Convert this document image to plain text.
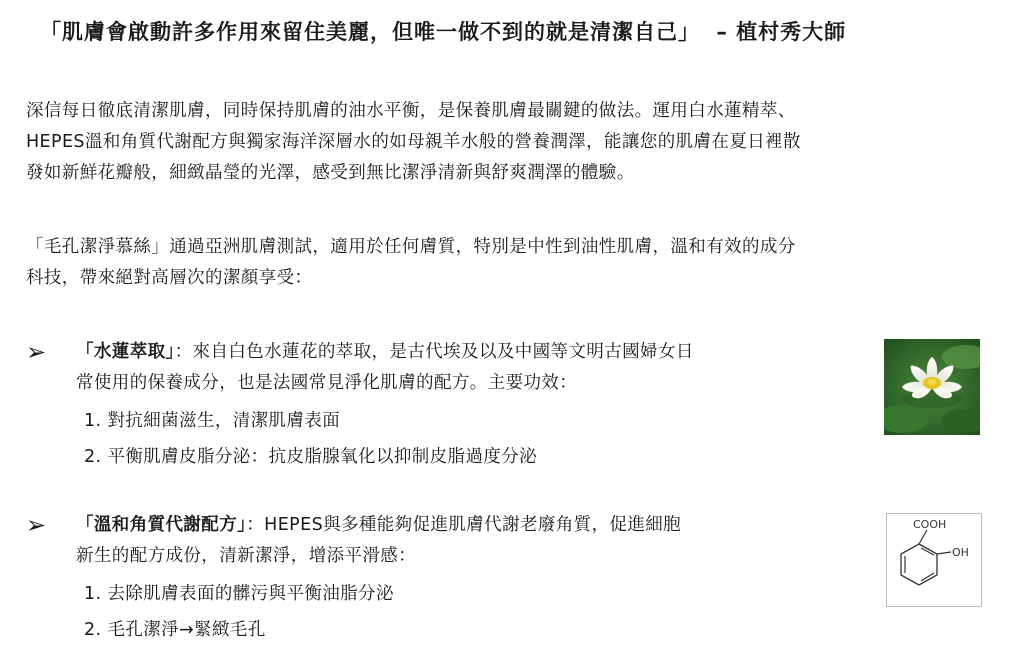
「肌膚會啟動許多作用來留住美麗，但唯一做不到的就是清潔自己」 – 植村秀大師
深信每日徹底清潔肌膚，同時保持肌膚的油水平衡，是保養肌膚最關鍵的做法。運用白水蓮精萃、
HEPES溫和角質代謝配方與獨家海洋深層水的如母親羊水般的營養潤澤，能讓您的肌膚在夏日裡散
發如新鮮花瓣般，細緻晶瑩的光澤，感受到無比潔淨清新與舒爽潤澤的體驗。
「毛孔潔淨慕絲」通過亞洲肌膚測試，適用於任何膚質，特別是中性到油性肌膚，溫和有效的成分
科技，帶來絕對高層次的潔顏享受：
➢ 「水蓮萃取」：來自白色水蓮花的萃取，是古代埃及以及中國等文明古國婦女日
常使用的保養成分，也是法國常見淨化肌膚的配方。主要功效：
1. 對抗細菌滋生，清潔肌膚表面
2. 平衡肌膚皮脂分泌：抗皮脂腺氧化以抑制皮脂過度分泌
➢ 「溫和角質代謝配方」：HEPES與多種能夠促進肌膚代謝老廢角質，促進細胞
新生的配方成份，清新潔淨，增添平滑感：
1. 去除肌膚表面的髒污與平衡油脂分泌
2. 毛孔潔淨→緊緻毛孔
COOH
OH
